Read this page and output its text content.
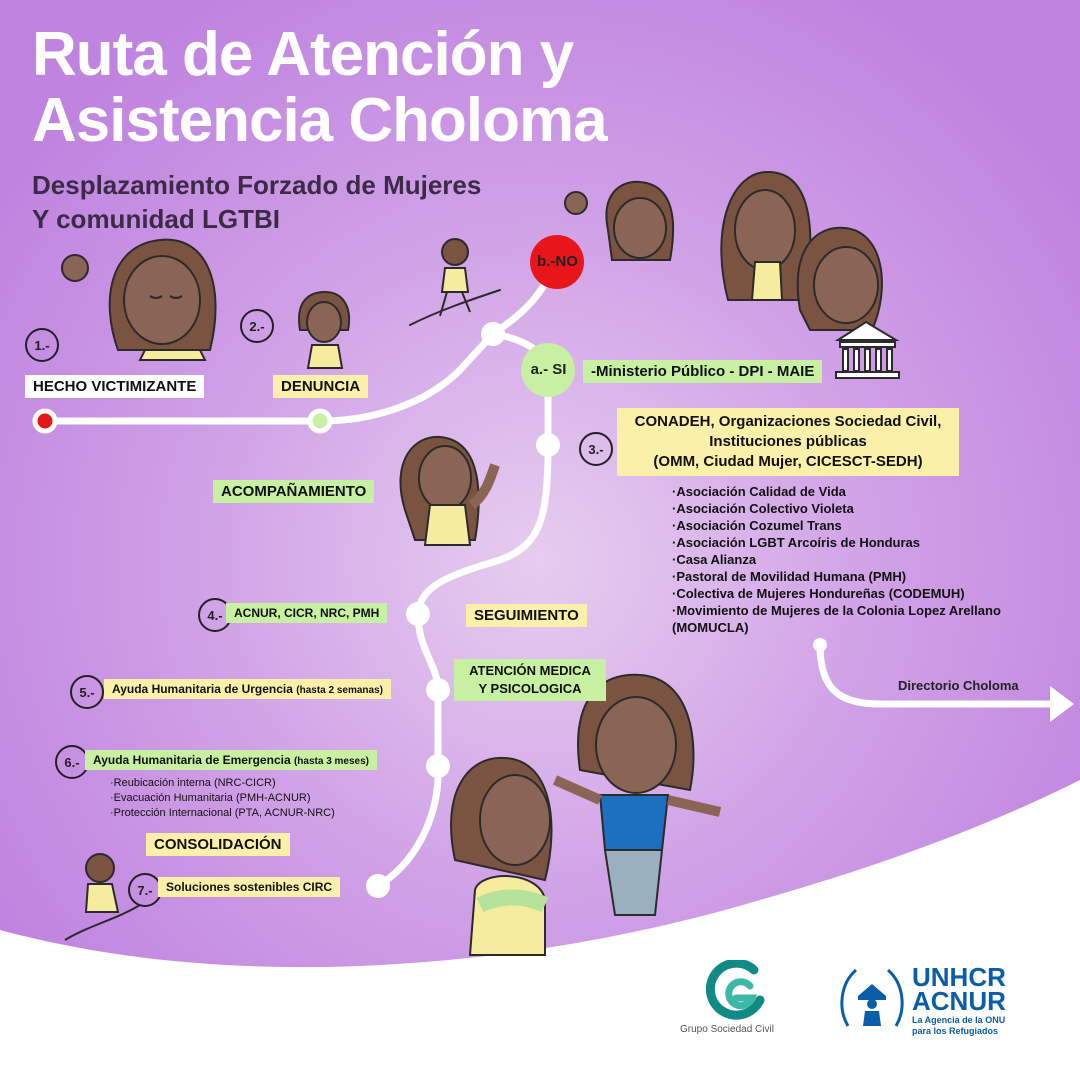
Ruta de Atención y
Asistencia Choloma
Desplazamiento Forzado de Mujeres
Y comunidad LGTBI
1.-
HECHO VICTIMIZANTE
2.-
DENUNCIA
b.-NO
a.- SI	-Ministerio Público - DPI - MAIE
3.-
CONADEH, Organizaciones Sociedad Civil,
Instituciones públicas
(OMM, Ciudad Mujer, CICESCT-SEDH)
·Asociación Calidad de Vida
·Asociación Colectivo Violeta
·Asociación Cozumel Trans
·Asociación LGBT Arcoíris de Honduras
·Casa Alianza
·Pastoral de Movilidad Humana (PMH)
·Colectiva de Mujeres Hondureñas (CODEMUH)
·Movimiento de Mujeres de la Colonia Lopez Arellano
(MOMUCLA)
ACOMPAÑAMIENTO
4.- ACNUR, CICR, NRC, PMH	SEGUIMIENTO
ATENCIÓN MEDICA
Y PSICOLOGICA
5.-	Ayuda Humanitaria de Urgencia (hasta 2 semanas)
6.-	Ayuda Humanitaria de Emergencia (hasta 3 meses)
·Reubicación interna (NRC-CICR)
·Evacuación Humanitaria (PMH-ACNUR)
·Protección Internacional (PTA, ACNUR-NRC)
CONSOLIDACIÓN
7.-	Soluciones sostenibles CIRC
Directorio Choloma
Grupo Sociedad Civil
UNHCR
ACNUR
La Agencia de la ONU
para los Refugiados
